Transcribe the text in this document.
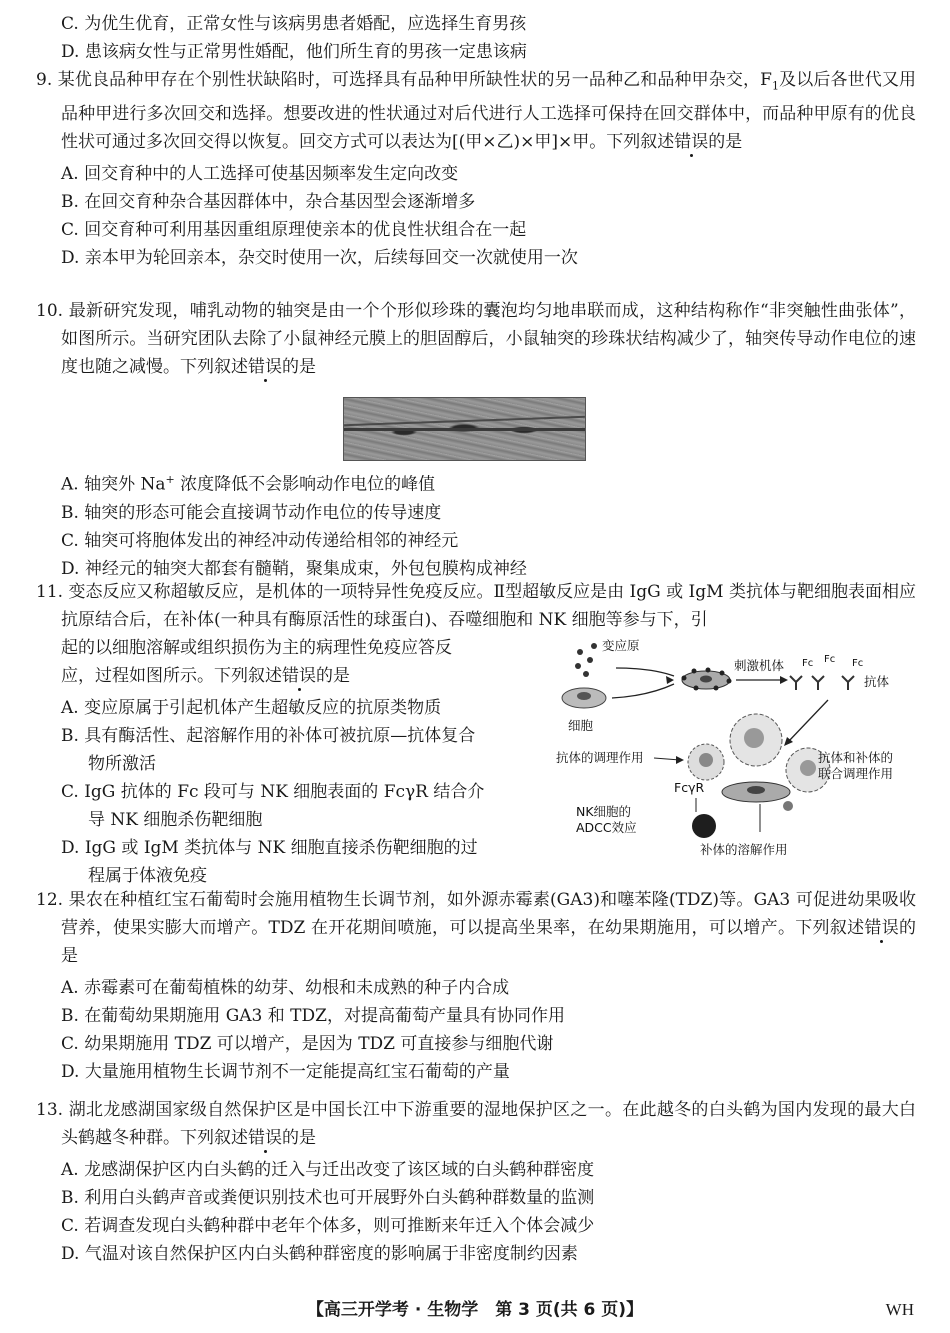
C. 为优生优育，正常女性与该病男患者婚配，应选择生育男孩
D. 患该病女性与正常男性婚配，他们所生育的男孩一定患该病
9. 某优良品种甲存在个别性状缺陷时，可选择具有品种甲所缺性状的另一品种乙和品种甲杂交，$F_1$及以后各世代又用品种甲进行多次回交和选择。想要改进的性状通过对后代进行人工选择可保持在回交群体中，而品种甲原有的优良性状可通过多次回交得以恢复。回交方式可以表达为[(甲×乙)×甲]×甲。下列叙述错误的是
A. 回交育种中的人工选择可使基因频率发生定向改变
B. 在回交育种杂合基因群体中，杂合基因型会逐渐增多
C. 回交育种可利用基因重组原理使亲本的优良性状组合在一起
D. 亲本甲为轮回亲本，杂交时使用一次，后续每回交一次就使用一次
10. 最新研究发现，哺乳动物的轴突是由一个个形似珍珠的囊泡均匀地串联而成，这种结构称作“非突触性曲张体”，如图所示。当研究团队去除了小鼠神经元膜上的胆固醇后，小鼠轴突的珍珠状结构减少了，轴突传导动作电位的速度也随之减慢。下列叙述错误的是
A. 轴突外 Na+ 浓度降低不会影响动作电位的峰值
B. 轴突的形态可能会直接调节动作电位的传导速度
C. 轴突可将胞体发出的神经冲动传递给相邻的神经元
D. 神经元的轴突大都套有髓鞘，聚集成束，外包包膜构成神经
11. 变态反应又称超敏反应，是机体的一项特异性免疫反应。Ⅱ型超敏反应是由 IgG 或 IgM 类抗体与靶细胞表面相应抗原结合后，在补体(一种具有酶原活性的球蛋白)、吞噬细胞和 NK 细胞等参与下，引
起的以细胞溶解或组织损伤为主的病理性免疫应答反
应，过程如图所示。下列叙述错误的是
A. 变应原属于引起机体产生超敏反应的抗原类物质
B. 具有酶活性、起溶解作用的补体可被抗原—抗体复合
物所激活
C. IgG 抗体的 Fc 段可与 NK 细胞表面的 FcγR 结合介
导 NK 细胞杀伤靶细胞
D. IgG 或 IgM 类抗体与 NK 细胞直接杀伤靶细胞的过
程属于体液免疫
变应原
细胞
刺激机体 Fc Fc Fc
抗体
抗体的调理作用	抗体和补体的
联合调理作用
FcγR
NK细胞的
ADCC效应
补体的溶解作用
12. 果农在种植红宝石葡萄时会施用植物生长调节剂，如外源赤霉素(GA3)和噻苯隆(TDZ)等。GA3 可促进幼果吸收营养，使果实膨大而增产。TDZ 在开花期间喷施，可以提高坐果率，在幼果期施用，可以增产。下列叙述错误的是
A. 赤霉素可在葡萄植株的幼芽、幼根和未成熟的种子内合成
B. 在葡萄幼果期施用 GA3 和 TDZ，对提高葡萄产量具有协同作用
C. 幼果期施用 TDZ 可以增产，是因为 TDZ 可直接参与细胞代谢
D. 大量施用植物生长调节剂不一定能提高红宝石葡萄的产量
13. 湖北龙感湖国家级自然保护区是中国长江中下游重要的湿地保护区之一。在此越冬的白头鹤为国内发现的最大白头鹤越冬种群。下列叙述错误的是
A. 龙感湖保护区内白头鹤的迁入与迁出改变了该区域的白头鹤种群密度
B. 利用白头鹤声音或粪便识别技术也可开展野外白头鹤种群数量的监测
C. 若调查发现白头鹤种群中老年个体多，则可推断来年迁入个体会减少
D. 气温对该自然保护区内白头鹤种群密度的影响属于非密度制约因素
【高三开学考 · 生物学　第 3 页(共 6 页)】	WH
